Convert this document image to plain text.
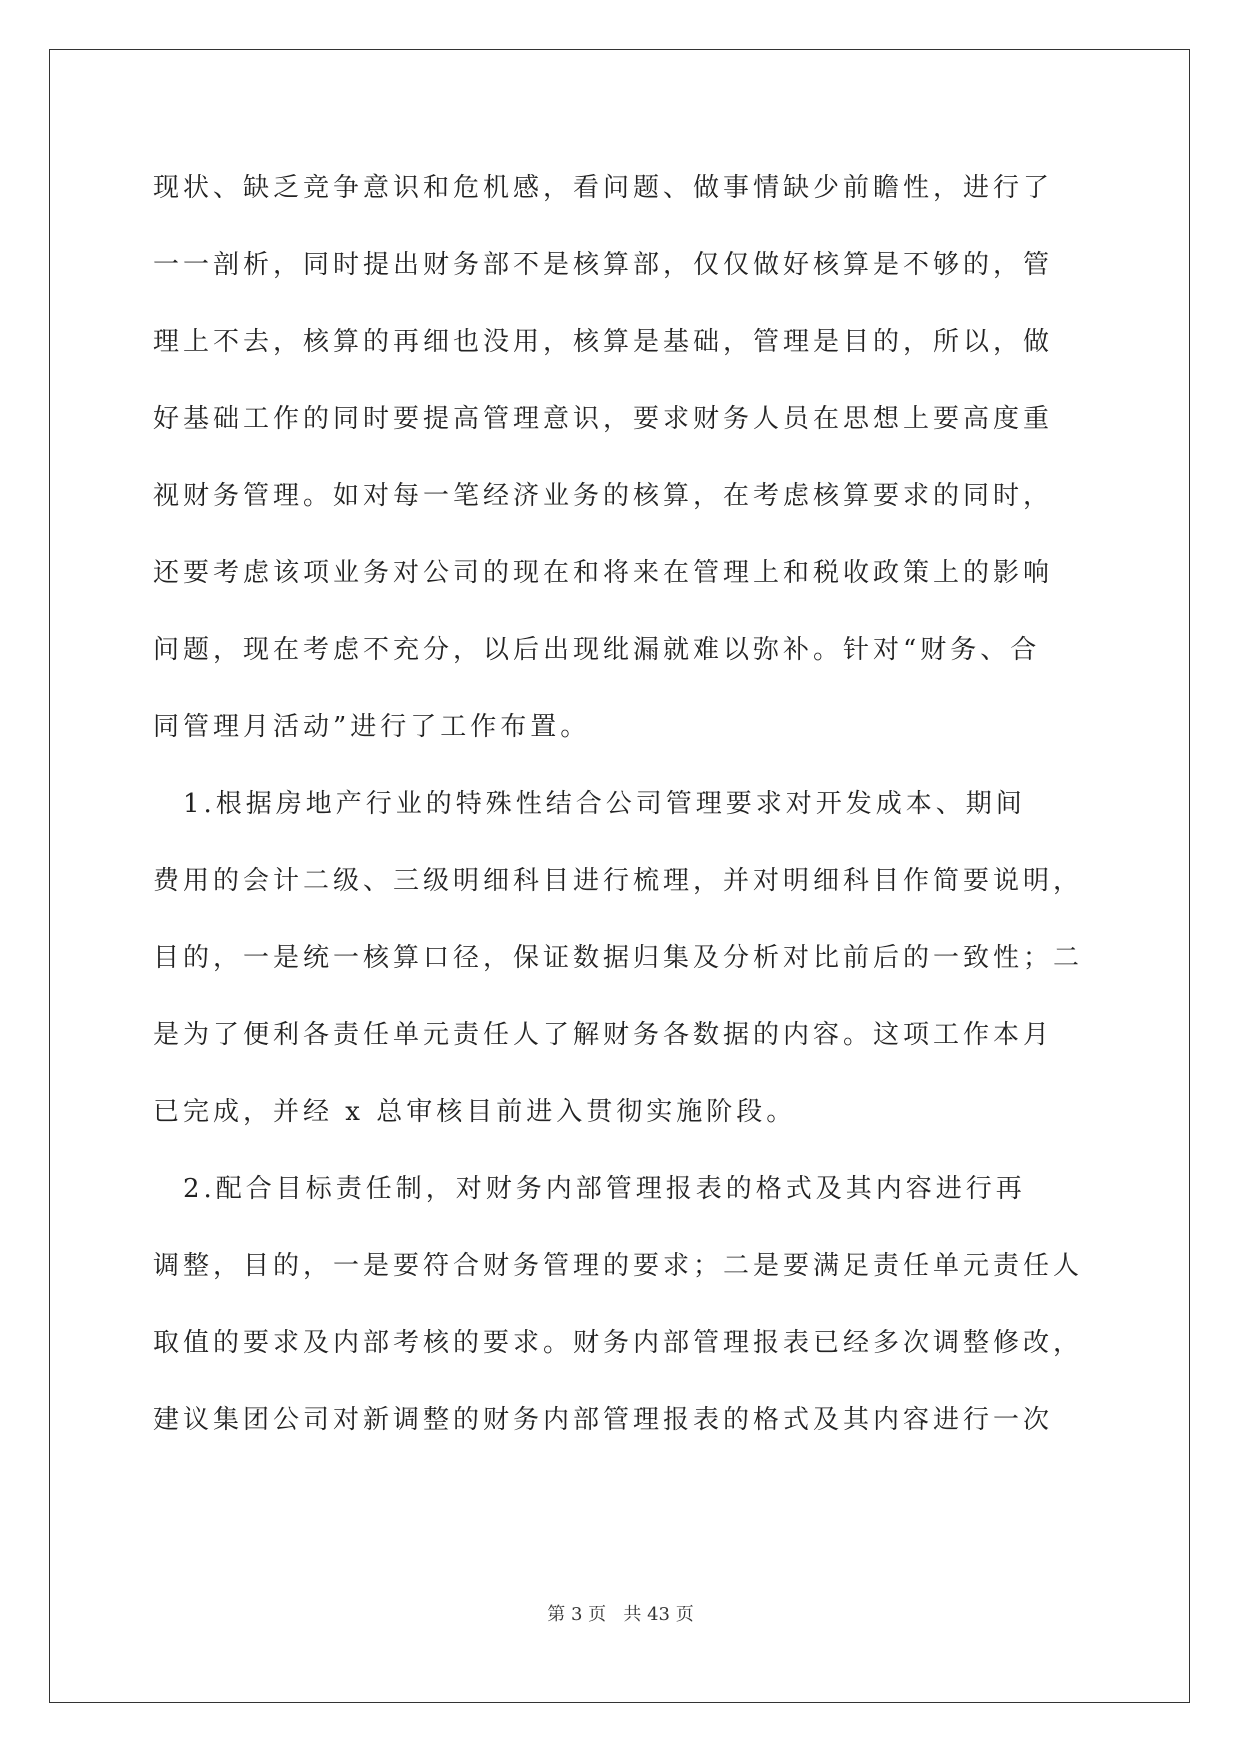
现状、缺乏竞争意识和危机感，看问题、做事情缺少前瞻性，进行了
一一剖析，同时提出财务部不是核算部，仅仅做好核算是不够的，管
理上不去，核算的再细也没用，核算是基础，管理是目的，所以，做
好基础工作的同时要提高管理意识，要求财务人员在思想上要高度重
视财务管理。如对每一笔经济业务的核算，在考虑核算要求的同时，
还要考虑该项业务对公司的现在和将来在管理上和税收政策上的影响
问题，现在考虑不充分，以后出现纰漏就难以弥补。针对“财务、合
同管理月活动”进行了工作布置。
　1.根据房地产行业的特殊性结合公司管理要求对开发成本、期间
费用的会计二级、三级明细科目进行梳理，并对明细科目作简要说明，
目的，一是统一核算口径，保证数据归集及分析对比前后的一致性；二
是为了便利各责任单元责任人了解财务各数据的内容。这项工作本月
已完成，并经 x 总审核目前进入贯彻实施阶段。
　2.配合目标责任制，对财务内部管理报表的格式及其内容进行再
调整，目的，一是要符合财务管理的要求；二是要满足责任单元责任人
取值的要求及内部考核的要求。财务内部管理报表已经多次调整修改，
建议集团公司对新调整的财务内部管理报表的格式及其内容进行一次
第 3 页 共 43 页
